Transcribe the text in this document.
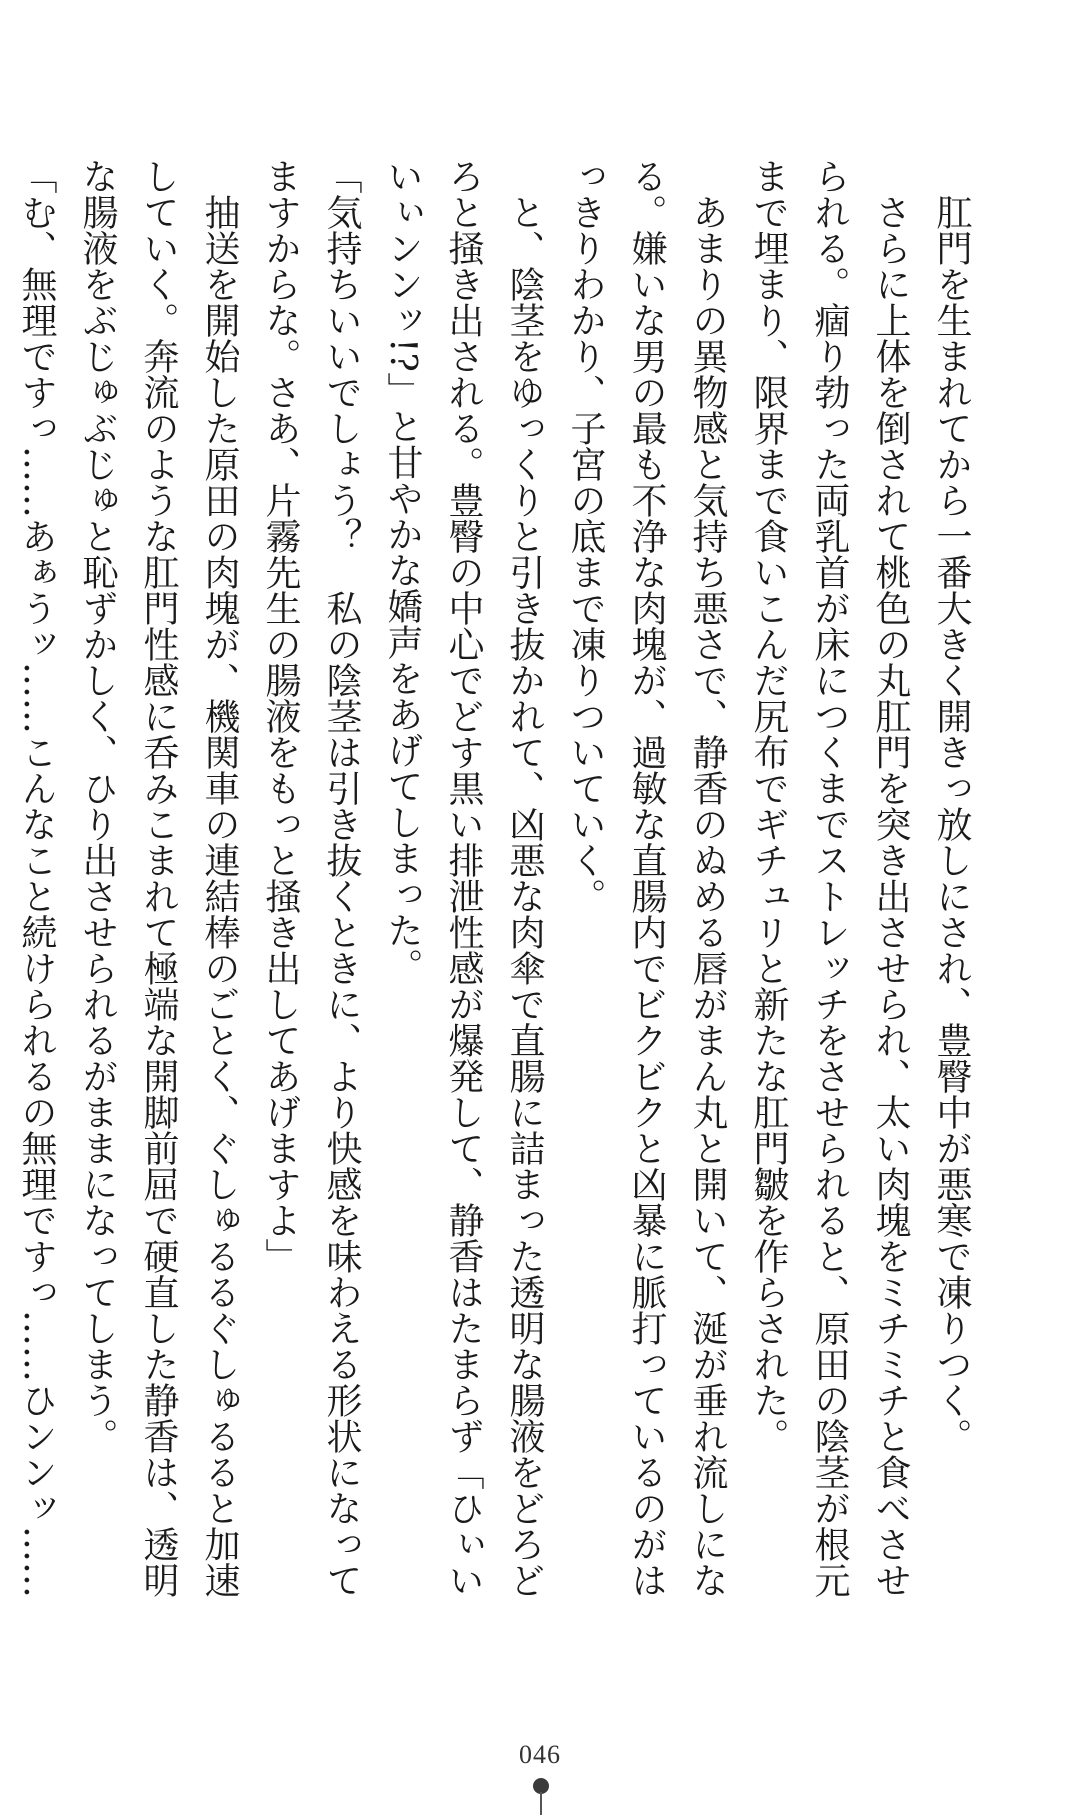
　肛門を生まれてから一番大きく開きっ放しにされ、豊臀中が悪寒で凍りつく。

　さらに上体を倒されて桃色の丸肛門を突き出させられ、太い肉塊をミチミチと食べさせ

られる。痼り勃った両乳首が床につくまでストレッチをさせられると、原田の陰茎が根元

まで埋まり、限界まで食いこんだ尻布でギチュリと新たな肛門皺を作らされた。

　あまりの異物感と気持ち悪さで、静香のぬめる唇がまん丸と開いて、涎が垂れ流しにな

る。嫌いな男の最も不浄な肉塊が、過敏な直腸内でビクビクと凶暴に脈打っているのがは

っきりわかり、子宮の底まで凍りついていく。

　と、陰茎をゆっくりと引き抜かれて、凶悪な肉傘で直腸に詰まった透明な腸液をどろど

ろと掻き出される。豊臀の中心でどす黒い排泄性感が爆発して、静香はたまらず「ひぃい

いぃンンッ!?」と甘やかな嬌声をあげてしまった。

「気持ちいいでしょう？　私の陰茎は引き抜くときに、より快感を味わえる形状になって

ますからな。さあ、片霧先生の腸液をもっと掻き出してあげますよ」

　抽送を開始した原田の肉塊が、機関車の連結棒のごとく、ぐしゅるるぐしゅるると加速

していく。奔流のような肛門性感に呑みこまれて極端な開脚前屈で硬直した静香は、透明

な腸液をぶじゅぶじゅと恥ずかしく、ひり出させられるがままになってしまう。

「む、無理ですっ……あぁうッ……こんなこと続けられるの無理ですっ……ひンンッ……

046
